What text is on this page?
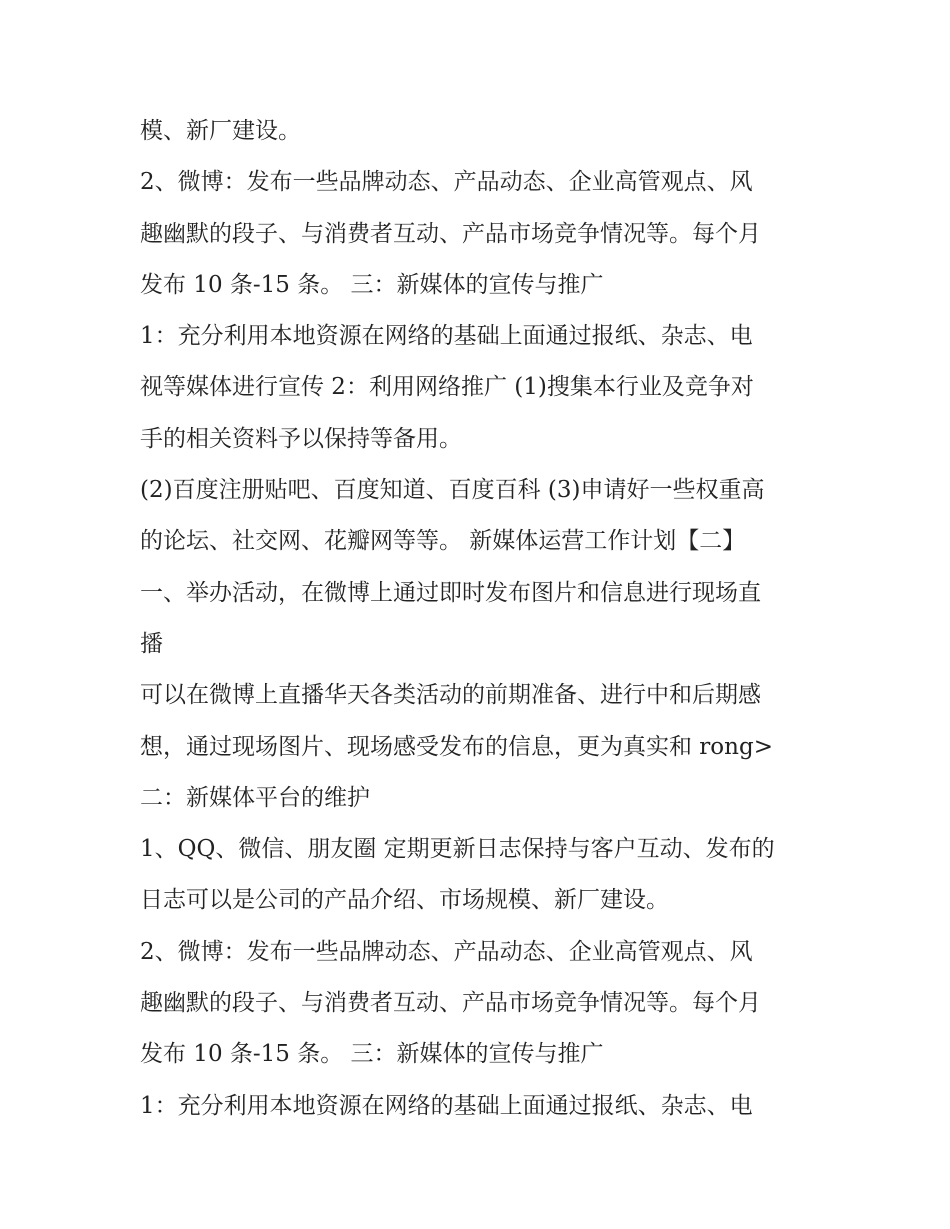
模、新厂建设。

2、微博：发布一些品牌动态、产品动态、企业高管观点、风

趣幽默的段子、与消费者互动、产品市场竞争情况等。每个月

发布 10 条-15 条。 三：新媒体的宣传与推广

1：充分利用本地资源在网络的基础上面通过报纸、杂志、电

视等媒体进行宣传 2：利用网络推广 (1)搜集本行业及竞争对

手的相关资料予以保持等备用。

(2)百度注册贴吧、百度知道、百度百科 (3)申请好一些权重高

的论坛、社交网、花瓣网等等。 新媒体运营工作计划【二】

一、举办活动，在微博上通过即时发布图片和信息进行现场直

播

可以在微博上直播华天各类活动的前期准备、进行中和后期感

想，通过现场图片、现场感受发布的信息，更为真实和 rong>

二：新媒体平台的维护

1、QQ、微信、朋友圈 定期更新日志保持与客户互动、发布的

日志可以是公司的产品介绍、市场规模、新厂建设。

2、微博：发布一些品牌动态、产品动态、企业高管观点、风

趣幽默的段子、与消费者互动、产品市场竞争情况等。每个月

发布 10 条-15 条。 三：新媒体的宣传与推广

1：充分利用本地资源在网络的基础上面通过报纸、杂志、电
